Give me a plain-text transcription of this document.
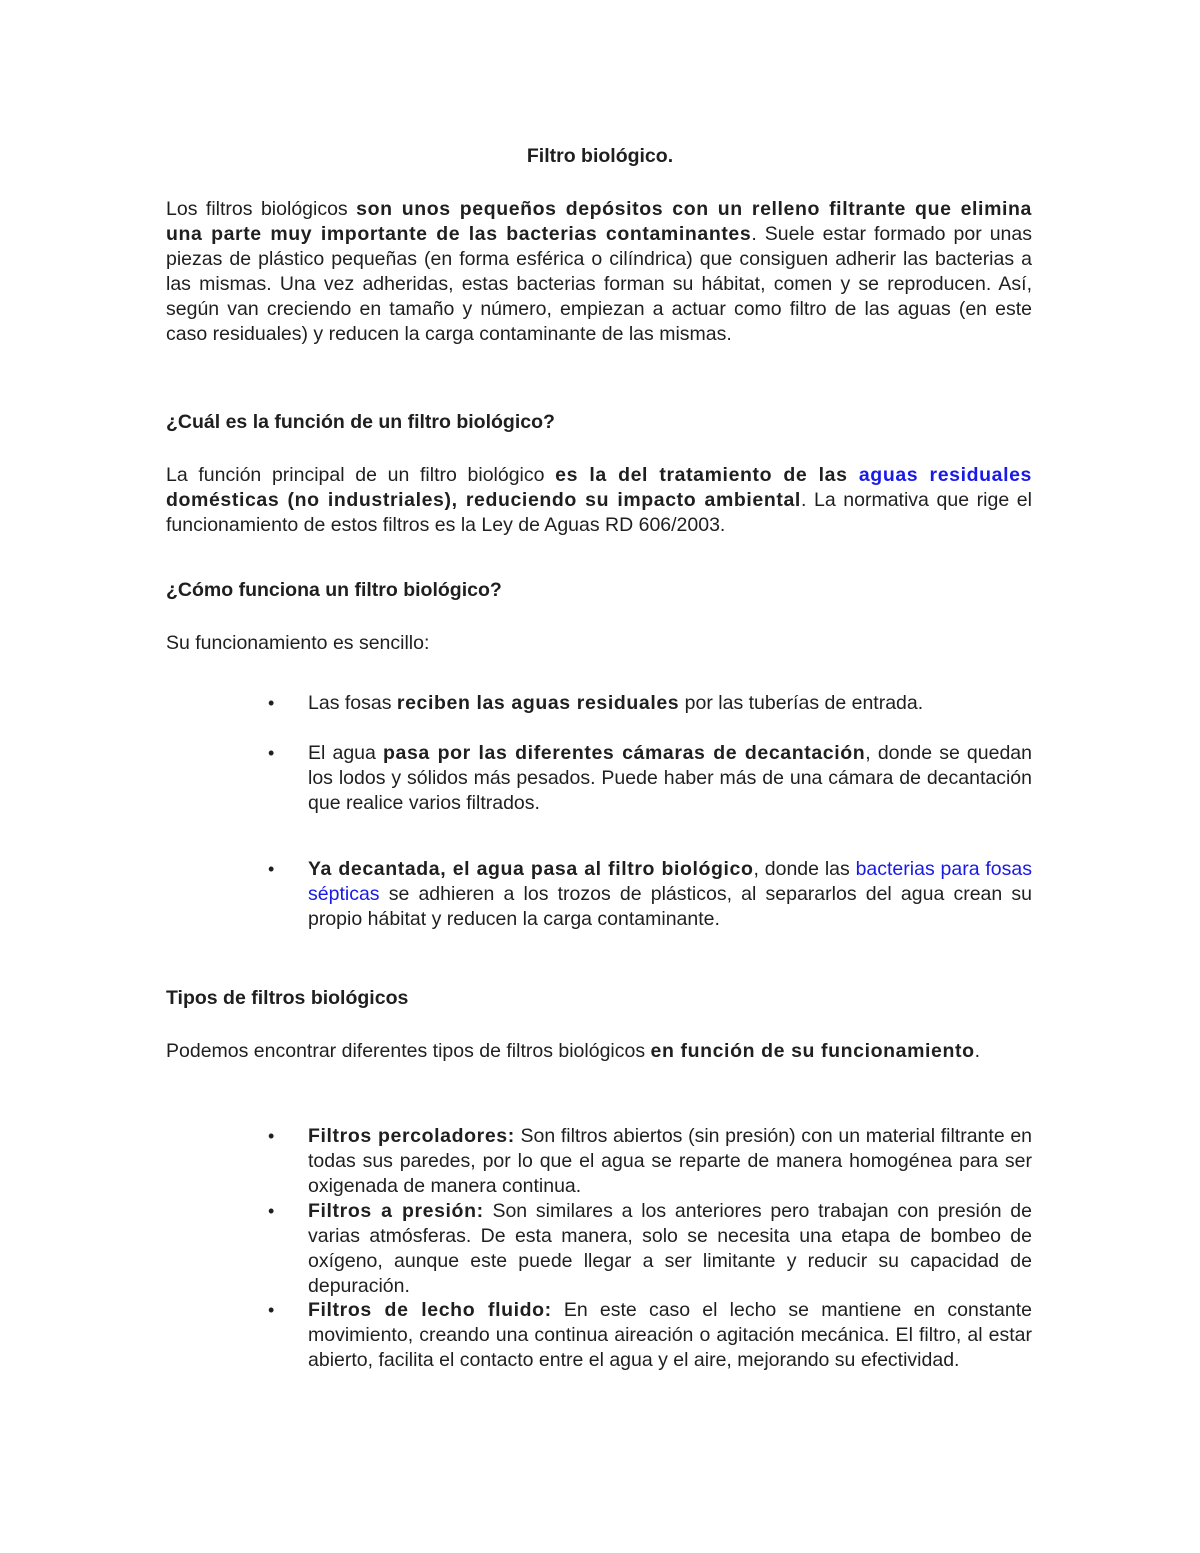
Filtro biológico.

Los filtros biológicos son unos pequeños depósitos con un relleno filtrante que elimina una parte muy importante de las bacterias contaminantes. Suele estar formado por unas piezas de plástico pequeñas (en forma esférica o cilíndrica) que consiguen adherir las bacterias a las mismas. Una vez adheridas, estas bacterias forman su hábitat, comen y se reproducen. Así, según van creciendo en tamaño y número, empiezan a actuar como filtro de las aguas (en este caso residuales) y reducen la carga contaminante de las mismas.

¿Cuál es la función de un filtro biológico?

La función principal de un filtro biológico es la del tratamiento de las aguas residuales domésticas (no industriales), reduciendo su impacto ambiental. La normativa que rige el funcionamiento de estos filtros es la Ley de Aguas RD 606/2003.

¿Cómo funciona un filtro biológico?

Su funcionamiento es sencillo:

• Las fosas reciben las aguas residuales por las tuberías de entrada.

• El agua pasa por las diferentes cámaras de decantación, donde se quedan los lodos y sólidos más pesados. Puede haber más de una cámara de decantación que realice varios filtrados.

• Ya decantada, el agua pasa al filtro biológico, donde las bacterias para fosas sépticas se adhieren a los trozos de plásticos, al separarlos del agua crean su propio hábitat y reducen la carga contaminante.

Tipos de filtros biológicos

Podemos encontrar diferentes tipos de filtros biológicos en función de su funcionamiento.

• Filtros percoladores: Son filtros abiertos (sin presión) con un material filtrante en todas sus paredes, por lo que el agua se reparte de manera homogénea para ser oxigenada de manera continua.

• Filtros a presión: Son similares a los anteriores pero trabajan con presión de varias atmósferas. De esta manera, solo se necesita una etapa de bombeo de oxígeno, aunque este puede llegar a ser limitante y reducir su capacidad de depuración.

• Filtros de lecho fluido: En este caso el lecho se mantiene en constante movimiento, creando una continua aireación o agitación mecánica. El filtro, al estar abierto, facilita el contacto entre el agua y el aire, mejorando su efectividad.
